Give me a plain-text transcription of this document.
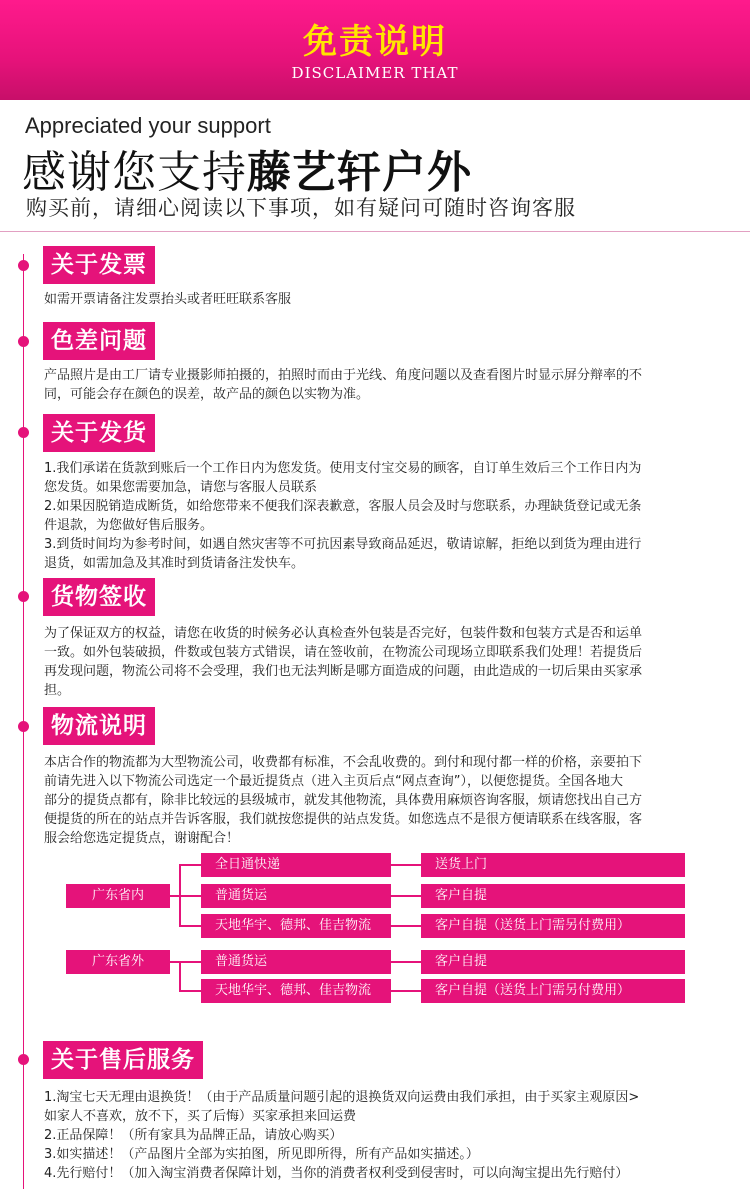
免责说明
DISCLAIMER THAT
Appreciated your support
感谢您支持藤艺轩户外
购买前，请细心阅读以下事项，如有疑问可随时咨询客服
关于发票
如需开票请备注发票抬头或者旺旺联系客服
色差问题
产品照片是由工厂请专业摄影师拍摄的，拍照时而由于光线、角度问题以及查看图片时显示屏分辩率的不
同，可能会存在颜色的误差，故产品的颜色以实物为准。
关于发货
1.我们承诺在货款到账后一个工作日内为您发货。使用支付宝交易的顾客，自订单生效后三个工作日内为
您发货。如果您需要加急，请您与客服人员联系
2.如果因脱销造成断货，如给您带来不便我们深表歉意，客服人员会及时与您联系，办理缺货登记或无条
件退款，为您做好售后服务。
3.到货时间均为参考时间，如遇自然灾害等不可抗因素导致商品延迟，敬请谅解，拒绝以到货为理由进行
退货，如需加急及其准时到货请备注发快车。
货物签收
为了保证双方的权益，请您在收货的时候务必认真检查外包装是否完好，包装件数和包装方式是否和运单
一致。如外包装破损，件数或包装方式错误，请在签收前，在物流公司现场立即联系我们处理！若提货后
再发现问题，物流公司将不会受理，我们也无法判断是哪方面造成的问题，由此造成的一切后果由买家承
担。
物流说明
本店合作的物流都为大型物流公司，收费都有标准，不会乱收费的。到付和现付都一样的价格，亲要拍下
前请先进入以下物流公司选定一个最近提货点（进入主页后点“网点查询”），以便您提货。全国各地大
部分的提货点都有，除非比较远的县级城市，就发其他物流，具体费用麻烦咨询客服，烦请您找出自己方
便提货的所在的站点并告诉客服，我们就按您提供的站点发货。如您选点不是很方便请联系在线客服，客
服会给您选定提货点，谢谢配合！
广东省内
广东省外
全日通快递
普通货运
天地华宇、德邦、佳吉物流
普通货运
天地华宇、德邦、佳吉物流
送货上门
客户自提
客户自提（送货上门需另付费用）
客户自提
客户自提（送货上门需另付费用）
关于售后服务
1.淘宝七天无理由退换货！（由于产品质量问题引起的退换货双向运费由我们承担，由于买家主观原因>
如家人不喜欢，放不下，买了后悔）买家承担来回运费
2.正品保障！（所有家具为品牌正品，请放心购买）
3.如实描述！（产品图片全部为实拍图，所见即所得，所有产品如实描述。）
4.先行赔付！（加入淘宝消费者保障计划，当你的消费者权利受到侵害时，可以向淘宝提出先行赔付）
